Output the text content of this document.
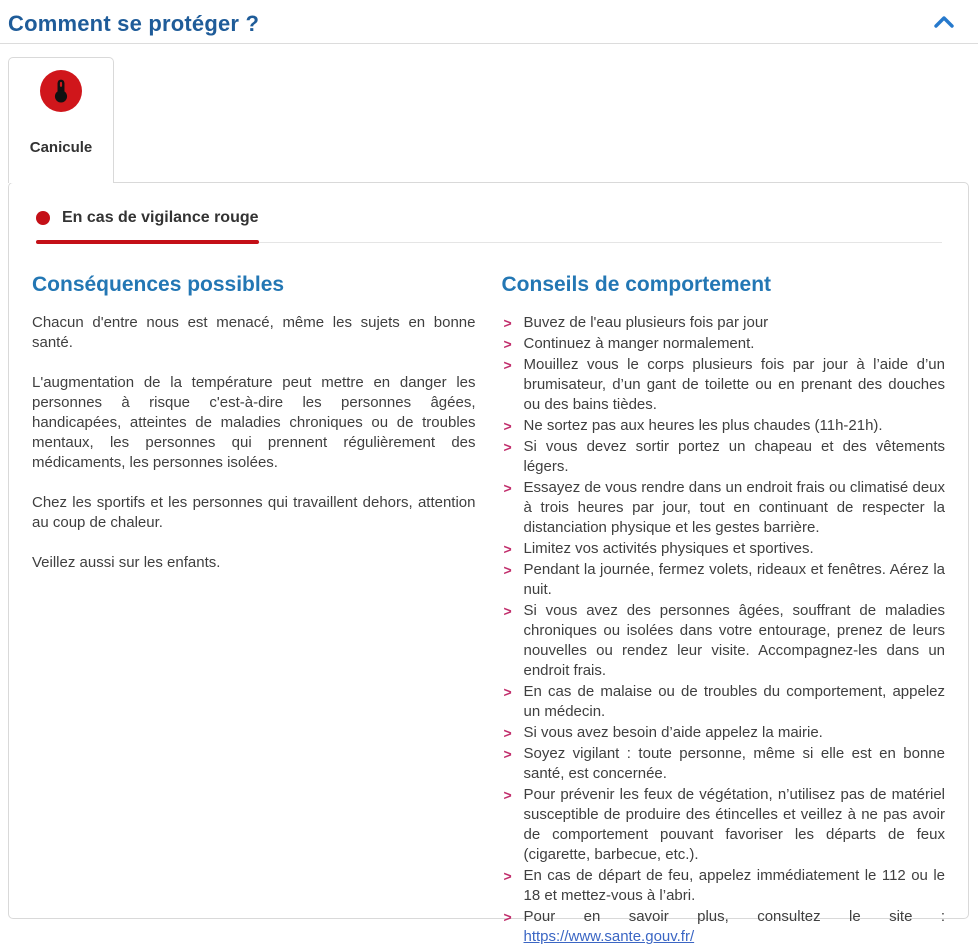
Comment se protéger ?
Canicule
En cas de vigilance rouge
Conséquences possibles

Chacun d'entre nous est menacé, même les sujets en bonne santé.

L'augmentation de la température peut mettre en danger les personnes à risque c'est-à-dire les personnes âgées, handicapées, atteintes de maladies chroniques ou de troubles mentaux, les personnes qui prennent régulièrement des médicaments, les personnes isolées.

Chez les sportifs et les personnes qui travaillent dehors, attention au coup de chaleur.

Veillez aussi sur les enfants.

Conseils de comportement
> Buvez de l'eau plusieurs fois par jour
> Continuez à manger normalement.
> Mouillez vous le corps plusieurs fois par jour à l’aide d’un brumisateur, d’un gant de toilette ou en prenant des douches ou des bains tièdes.
> Ne sortez pas aux heures les plus chaudes (11h-21h).
> Si vous devez sortir portez un chapeau et des vêtements légers.
> Essayez de vous rendre dans un endroit frais ou climatisé deux à trois heures par jour, tout en continuant de respecter la distanciation physique et les gestes barrière.
> Limitez vos activités physiques et sportives.
> Pendant la journée, fermez volets, rideaux et fenêtres. Aérez la nuit.
> Si vous avez des personnes âgées, souffrant de maladies chroniques ou isolées dans votre entourage, prenez de leurs nouvelles ou rendez leur visite. Accompagnez-les dans un endroit frais.
> En cas de malaise ou de troubles du comportement, appelez un médecin.
> Si vous avez besoin d’aide appelez la mairie.
> Soyez vigilant : toute personne, même si elle est en bonne santé, est concernée.
> Pour prévenir les feux de végétation, n’utilisez pas de matériel susceptible de produire des étincelles et veillez à ne pas avoir de comportement pouvant favoriser les départs de feux (cigarette, barbecue, etc.).
> En cas de départ de feu, appelez immédiatement le 112 ou le 18 et mettez-vous à l’abri.
> Pour en savoir plus, consultez le site : https://www.sante.gouv.fr/
